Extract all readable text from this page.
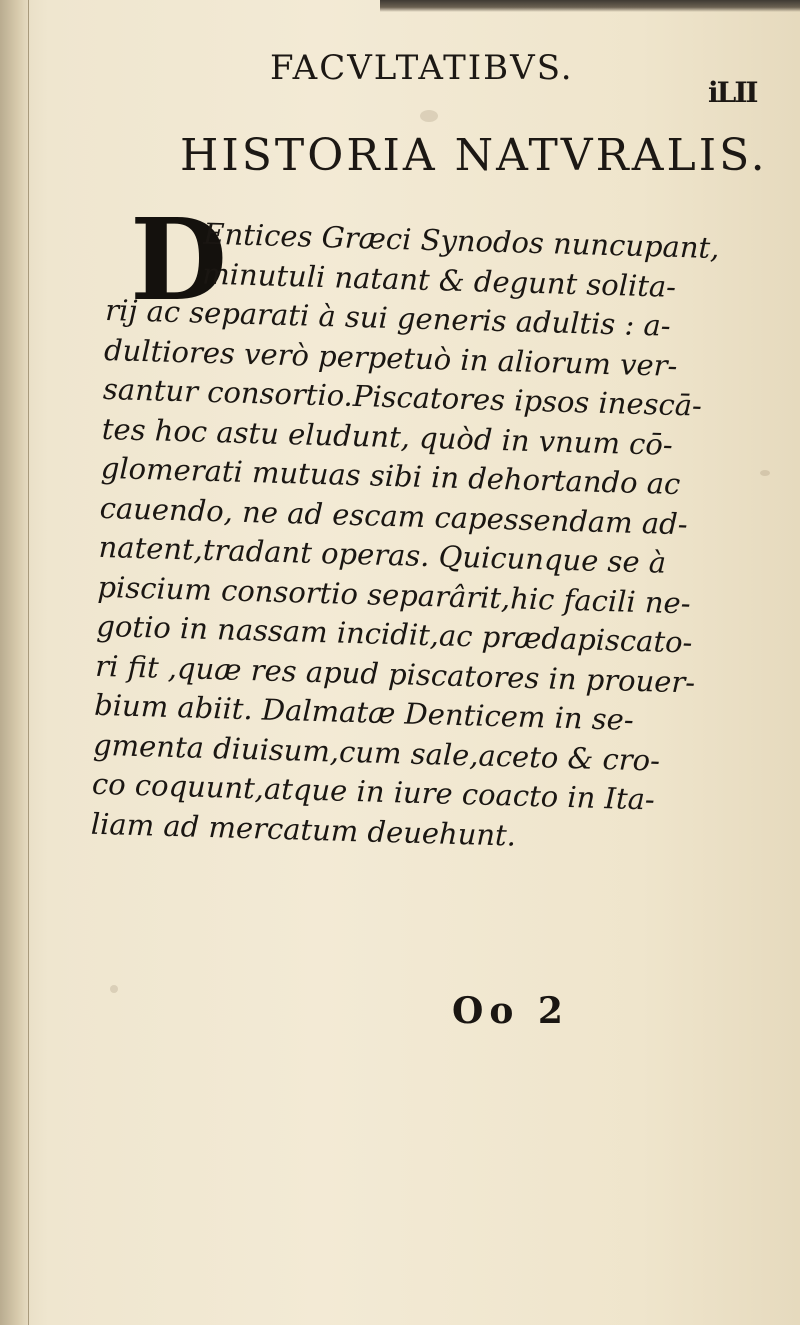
FACVLTATIBVS.
iLII
HISTORIA NATVRALIS.
D
Entices Græci Synodos nuncupant,
minutuli natant & degunt solita-
rij ac separati à sui generis adultis : a-
dultiores verò perpetuò in aliorum ver-
santur consortio.Piscatores ipsos inescā-
tes hoc astu eludunt, quòd in vnum cō-
glomerati mutuas sibi in dehortando ac
cauendo, ne ad escam capessendam ad-
natent,tradant operas. Quicunque se à
piscium consortio separârit,hic facili ne-
gotio in nassam incidit,ac prædapiscato-
ri fit ,quæ res apud piscatores in prouer-
bium abiit. Dalmatæ Denticem in se-
gmenta diuisum,cum sale,aceto & cro-
co coquunt,atque in iure coacto in Ita-
liam ad mercatum deuehunt.
Oo 2
